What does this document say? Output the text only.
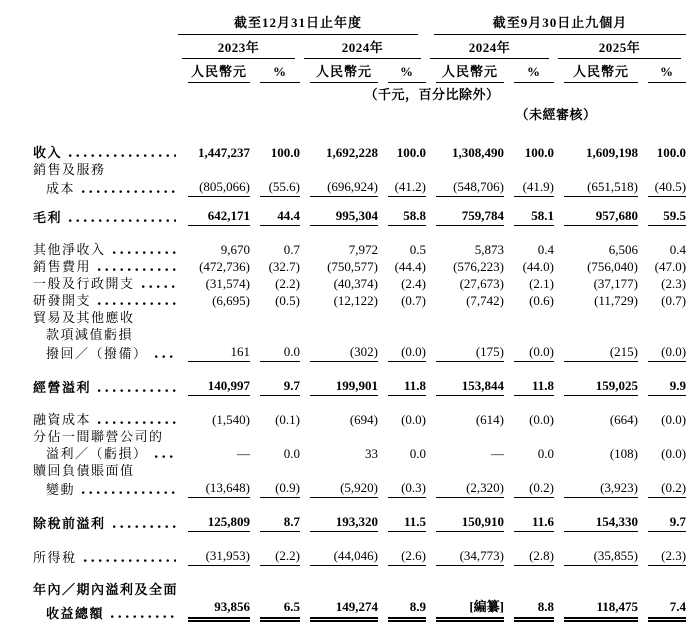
	截至12月31日止年度				截至9月30日止九個月			

	2023年		2024年		2024年		2025年	

	人民幣元	%	人民幣元	%	人民幣元	%	人民幣元	%

	（千元，百分比除外）							
					（未經審核）			

收入	1,447,237	100.0	1,692,228	100.0	1,308,490	100.0	1,609,198	100.0

銷售及服務								

成本	(805,066)	(55.6)	(696,924)	(41.2)	(548,706)	(41.9)	(651,518)	(40.5)

毛利	642,171	44.4	995,304	58.8	759,784	58.1	957,680	59.5

其他淨收入	9,670	0.7	7,972	0.5	5,873	0.4	6,506	0.4

銷售費用	(472,736)	(32.7)	(750,577)	(44.4)	(576,223)	(44.0)	(756,040)	(47.0)

一般及行政開支	(31,574)	(2.2)	(40,374)	(2.4)	(27,673)	(2.1)	(37,177)	(2.3)

研發開支	(6,695)	(0.5)	(12,122)	(0.7)	(7,742)	(0.6)	(11,729)	(0.7)

貿易及其他應收								

款項減值虧損								

撥回／（撥備）	161	0.0	(302)	(0.0)	(175)	(0.0)	(215)	(0.0)

經營溢利	140,997	9.7	199,901	11.8	153,844	11.8	159,025	9.9

融資成本	(1,540)	(0.1)	(694)	(0.0)	(614)	(0.0)	(664)	(0.0)

分佔一間聯營公司的								

溢利／（虧損）	—	0.0	33	0.0	—	0.0	(108)	(0.0)

贖回負債賬面值								

變動	(13,648)	(0.9)	(5,920)	(0.3)	(2,320)	(0.2)	(3,923)	(0.2)

除稅前溢利	125,809	8.7	193,320	11.5	150,910	11.6	154,330	9.7

所得稅	(31,953)	(2.2)	(44,046)	(2.6)	(34,773)	(2.8)	(35,855)	(2.3)

年內／期內溢利及全面								

收益總額	93,856	6.5	149,274	8.9	[編纂]	8.8	118,475	7.4
